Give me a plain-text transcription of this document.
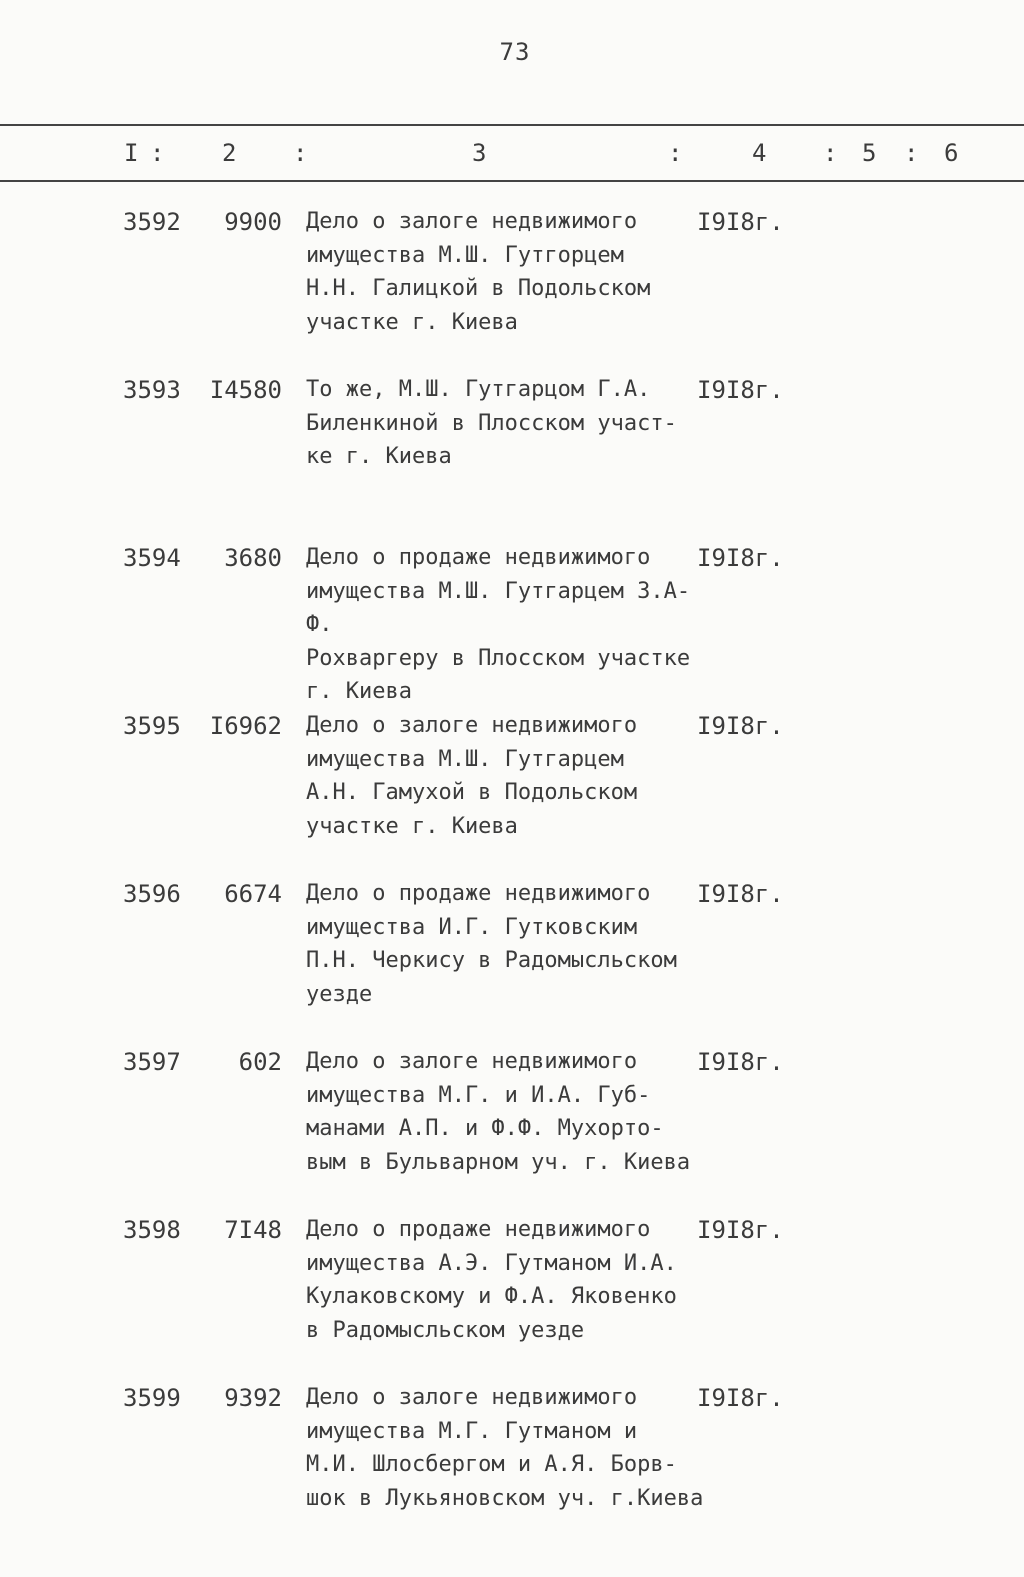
73
I : 2 :	3	:	4 : 5 : 6
3592	9900 Дело о залоге недвижимого
имущества М.Ш. Гутгорцем
Н.Н. Галицкой в Подольском
участке г. Киева
I9I8г.
3593	I4580 То же, М.Ш. Гутгарцом Г.А.
Биленкиной в Плосском участ-
ке г. Киева
I9I8г.
3594	3680 Дело о продаже недвижимого
имущества М.Ш. Гутгарцем З.А-Ф.
Рохваргеру в Плосском участке
г. Киева
I9I8г.
3595	I6962 Дело о залоге недвижимого
имущества М.Ш. Гутгарцем
А.Н. Гамухой в Подольском
участке г. Киева
I9I8г.
3596	6674 Дело о продаже недвижимого
имущества И.Г. Гутковским
П.Н. Черкису в Радомысльском
уезде
I9I8г.
3597	602 Дело о залоге недвижимого
имущества М.Г. и И.А. Губ-
манами А.П. и Ф.Ф. Мухорто-
вым в Бульварном уч. г. Киева
I9I8г.
3598	7I48 Дело о продаже недвижимого
имущества А.Э. Гутманом И.А.
Кулаковскому и Ф.А. Яковенко
в Радомысльском уезде
I9I8г.
3599	9392 Дело о залоге недвижимого
имущества М.Г. Гутманом и
М.И. Шлосбергом и А.Я. Борв-
шок в Лукьяновском уч. г.Киева
I9I8г.
